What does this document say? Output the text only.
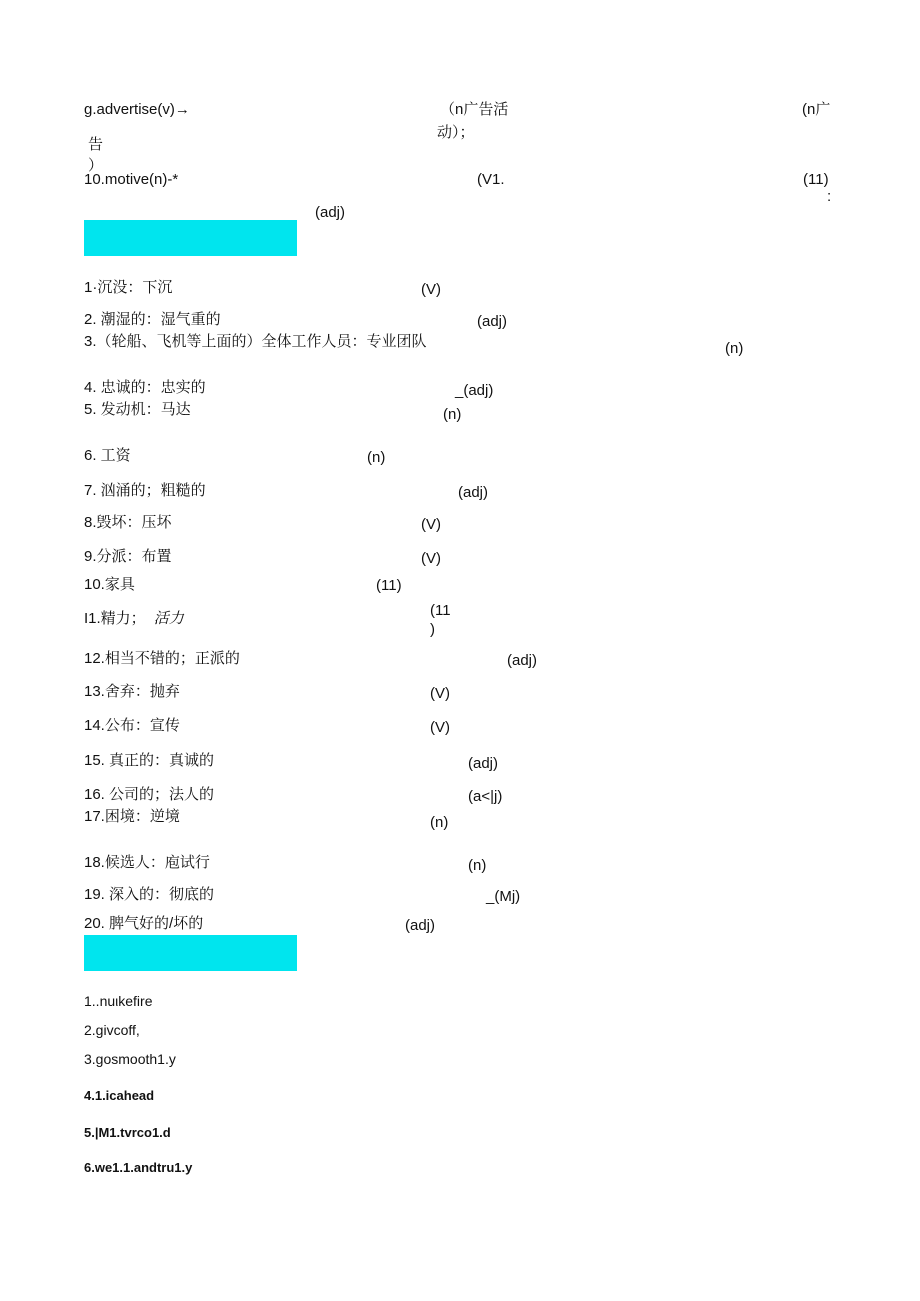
g.advertise(v)→	（n广告活
动）；
(n广
告
）
10.motive(n)-*	(V1.	(11)
:
(adj)
1·沉没：下沉	(V)
2. 潮湿的：湿气重的	(adj)
3.（轮船、飞机等上面的）全体工作人员：专业团队	(n)
4. 忠诚的：忠实的	_(adj)
5. 发动机：马达	(n)
6. 工资	(n)
7. 汹涌的；粗糙的	(adj)
8.毁坏：压坏	(V)
9.分派：布置	(V)
10.家具	(11)
I1.精力； 活力	(11
)
12.相当不错的；正派的	(adj)
13.舍弃：抛弃	(V)
14.公布：宣传	(V)
15. 真正的：真诚的	(adj)
16. 公司的；法人的	(a<|j)
17.困境：逆境	(n)
18.候选人：庖试行	(n)
19. 深入的：彻底的	_(Mj)
20. 脾气好的/坏的	(adj)
1..nuιkefire
2.givcoff,
3.gosmooth1.y
4.1.icahead
5.|M1.tvrco1.d
6.we1.1.andtru1.y
